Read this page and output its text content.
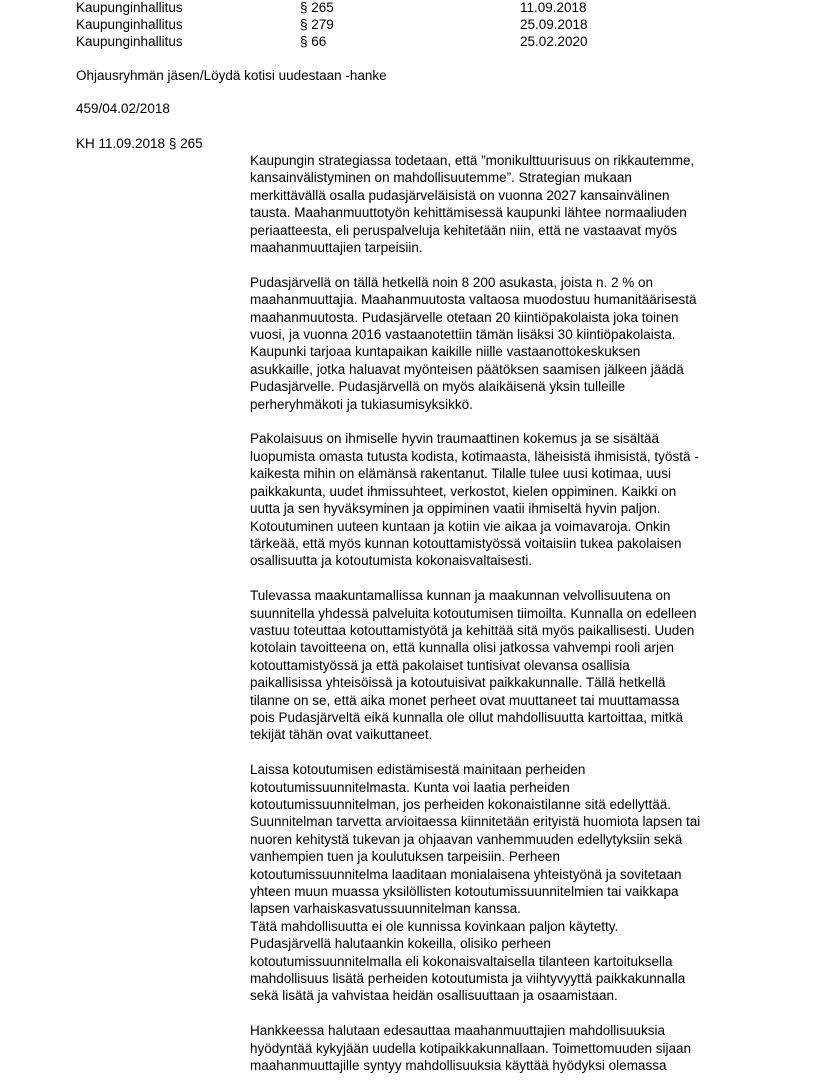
Kaupunginhallitus	§ 265	11.09.2018
Kaupunginhallitus	§ 279	25.09.2018
Kaupunginhallitus	§ 66	25.02.2020
Ohjausryhmän jäsen/Löydä kotisi uudestaan -hanke
459/04.02/2018
KH 11.09.2018 § 265
Kaupungin strategiassa todetaan, että ”monikulttuurisuus on rikkautemme,
kansainvälistyminen on mahdollisuutemme”. Strategian mukaan
merkittävällä osalla pudasjärveläisistä on vuonna 2027 kansainvälinen
tausta. Maahanmuuttotyön kehittämisessä kaupunki lähtee normaaliuden
periaatteesta, eli peruspalveluja kehitetään niin, että ne vastaavat myös
maahanmuuttajien tarpeisiin.
Pudasjärvellä on tällä hetkellä noin 8 200 asukasta, joista n. 2 % on
maahanmuuttajia. Maahanmuutosta valtaosa muodostuu humanitäärisestä
maahanmuutosta. Pudasjärvelle otetaan 20 kiintiöpakolaista joka toinen
vuosi, ja vuonna 2016 vastaanotettiin tämän lisäksi 30 kiintiöpakolaista.
Kaupunki tarjoaa kuntapaikan kaikille niille vastaanottokeskuksen
asukkaille, jotka haluavat myönteisen päätöksen saamisen jälkeen jäädä
Pudasjärvelle. Pudasjärvellä on myös alaikäisenä yksin tulleille
perheryhmäkoti ja tukiasumisyksikkö.
Pakolaisuus on ihmiselle hyvin traumaattinen kokemus ja se sisältää
luopumista omasta tutusta kodista, kotimaasta, läheisistä ihmisistä, työstä -
kaikesta mihin on elämänsä rakentanut. Tilalle tulee uusi kotimaa, uusi
paikkakunta, uudet ihmissuhteet, verkostot, kielen oppiminen. Kaikki on
uutta ja sen hyväksyminen ja oppiminen vaatii ihmiseltä hyvin paljon.
Kotoutuminen uuteen kuntaan ja kotiin vie aikaa ja voimavaroja. Onkin
tärkeää, että myös kunnan kotouttamistyössä voitaisiin tukea pakolaisen
osallisuutta ja kotoutumista kokonaisvaltaisesti.
Tulevassa maakuntamallissa kunnan ja maakunnan velvollisuutena on
suunnitella yhdessä palveluita kotoutumisen tiimoilta. Kunnalla on edelleen
vastuu toteuttaa kotouttamistyötä ja kehittää sitä myös paikallisesti. Uuden
kotolain tavoitteena on, että kunnalla olisi jatkossa vahvempi rooli arjen
kotouttamistyössä ja että pakolaiset tuntisivat olevansa osallisia
paikallisissa yhteisöissä ja kotoutuisivat paikkakunnalle. Tällä hetkellä
tilanne on se, että aika monet perheet ovat muuttaneet tai muuttamassa
pois Pudasjärveltä eikä kunnalla ole ollut mahdollisuutta kartoittaa, mitkä
tekijät tähän ovat vaikuttaneet.
Laissa kotoutumisen edistämisestä mainitaan perheiden
kotoutumissuunnitelmasta. Kunta voi laatia perheiden
kotoutumissuunnitelman, jos perheiden kokonaistilanne sitä edellyttää.
Suunnitelman tarvetta arvioitaessa kiinnitetään erityistä huomiota lapsen tai
nuoren kehitystä tukevan ja ohjaavan vanhemmuuden edellytyksiin sekä
vanhempien tuen ja koulutuksen tarpeisiin. Perheen
kotoutumissuunnitelma laaditaan monialaisena yhteistyönä ja sovitetaan
yhteen muun muassa yksilöllisten kotoutumissuunnitelmien tai vaikkapa
lapsen varhaiskasvatussuunnitelman kanssa.
Tätä mahdollisuutta ei ole kunnissa kovinkaan paljon käytetty.
Pudasjärvellä halutaankin kokeilla, olisiko perheen
kotoutumissuunnitelmalla eli kokonaisvaltaisella tilanteen kartoituksella
mahdollisuus lisätä perheiden kotoutumista ja viihtyvyyttä paikkakunnalla
sekä lisätä ja vahvistaa heidän osallisuuttaan ja osaamistaan.
Hankkeessa halutaan edesauttaa maahanmuuttajien mahdollisuuksia
hyödyntää kykyjään uudella kotipaikkakunnallaan. Toimettomuuden sijaan
maahanmuuttajille syntyy mahdollisuuksia käyttää hyödyksi olemassa
